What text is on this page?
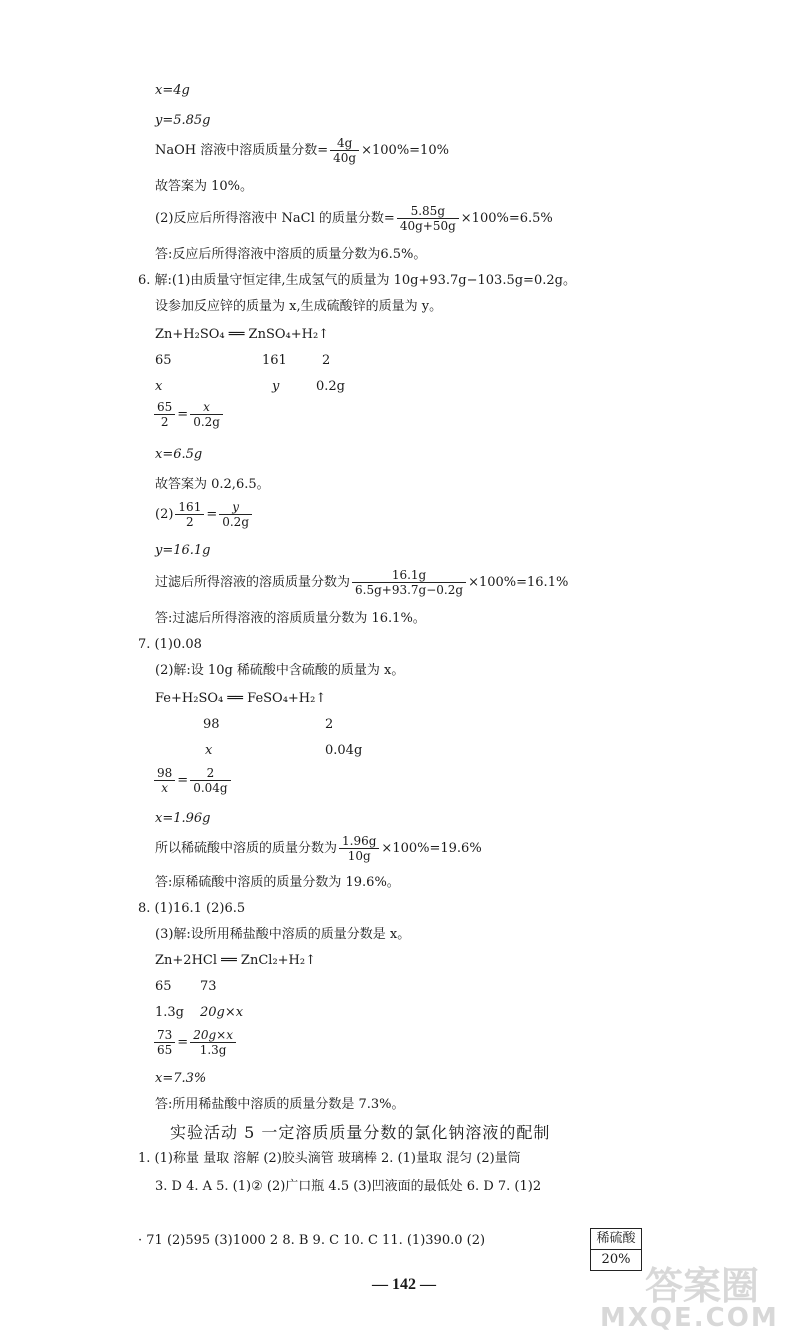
x=4g
y=5.85g
NaOH 溶液中溶质质量分数= $\frac{4g}{40g} \times 100\%=10\%$
故答案为 10%。
(2)反应后所得溶液中 NaCl 的质量分数= $\frac{5.85g}{40g+50g} \times 100\%=6.5\%$
答:反应后所得溶液中溶质的质量分数为6.5%。
6. 解:(1)由质量守恒定律,生成氢气的质量为 10g+93.7g−103.5g=0.2g。
设参加反应锌的质量为 x,生成硫酸锌的质量为 y。
Zn+H₂SO₄ ══ ZnSO₄+H₂↑
65	161	2
x	y	0.2g
$\frac{65}{2} = \frac{x}{0.2g}$
x=6.5g
故答案为 0.2,6.5。
$(2) \frac{161}{2} = \frac{y}{0.2g}$
y=16.1g
过滤后所得溶液的溶质质量分数为 $\frac{16.1g}{6.5g+93.7g-0.2g} \times 100\%=16.1\%$
答:过滤后所得溶液的溶质质量分数为 16.1%。
7. (1)0.08
(2)解:设 10g 稀硫酸中含硫酸的质量为 x。
Fe+H₂SO₄ ══ FeSO₄+H₂↑
98	2
x	0.04g
$\frac{98}{x} = \frac{2}{0.04g}$
x=1.96g
所以稀硫酸中溶质的质量分数为 $\frac{1.96g}{10g} \times 100\%=19.6\%$
答:原稀硫酸中溶质的质量分数为 19.6%。
8. (1)16.1 (2)6.5
(3)解:设所用稀盐酸中溶质的质量分数是 x。
Zn+2HCl ══ ZnCl₂+H₂↑
65 73
1.3g 20g×x
$\frac{73}{65} = \frac{20g\times x}{1.3g}$
x=7.3%
答:所用稀盐酸中溶质的质量分数是 7.3%。
实验活动 5 一定溶质质量分数的氯化钠溶液的配制
1. (1)称量 量取 溶解 (2)胶头滴管 玻璃棒 2. (1)量取 混匀 (2)量筒
3. D 4. A 5. (1)② (2)广口瓶 4.5 (3)凹液面的最低处 6. D 7. (1)2
· 71 (2)595 (3)1000 2 8. B 9. C 10. C 11. (1)390.0 (2)	稀硫酸
20%
— 142 —	答案圈
MXQE.COM
